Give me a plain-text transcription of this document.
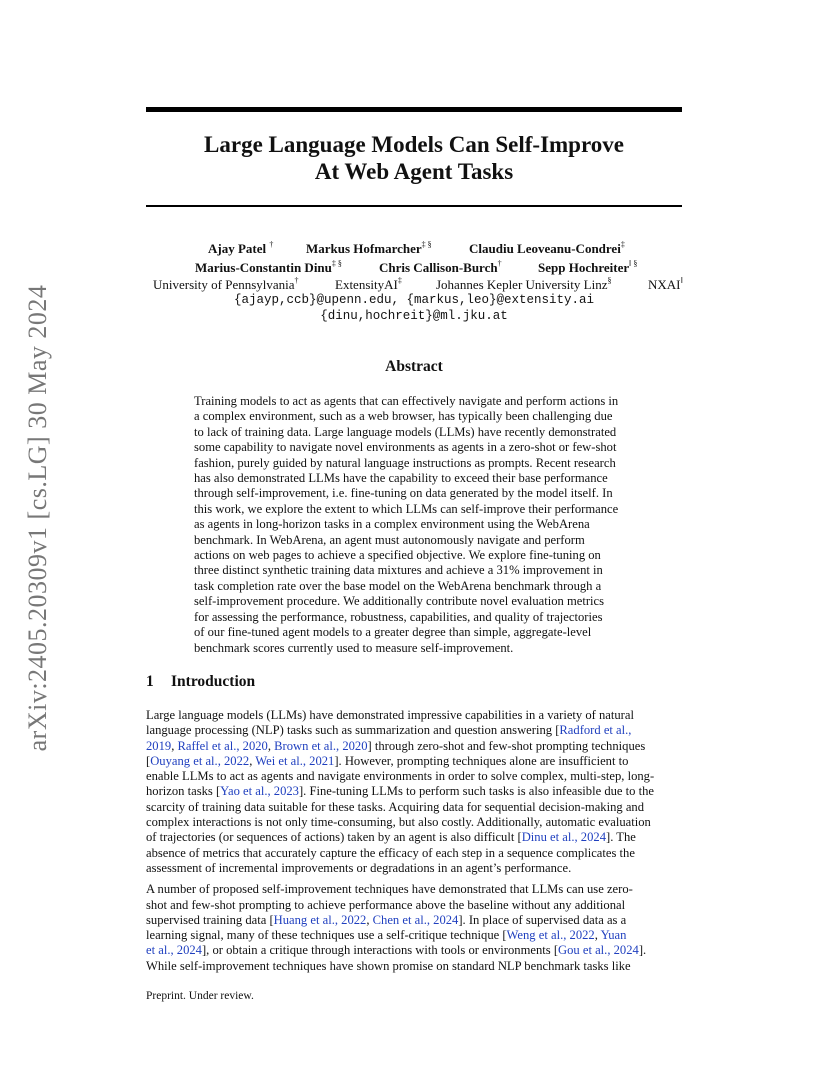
arXiv:2405.20309v1 [cs.LG] 30 May 2024
Large Language Models Can Self-Improve
At Web Agent Tasks
Ajay Patel †	Markus Hofmarcher‡ §	Claudiu Leoveanu-Condrei‡
Marius-Constantin Dinu‡ §	Chris Callison-Burch†	Sepp Hochreiter‖ §
University of Pennsylvania†	ExtensityAI‡	Johannes Kepler University Linz§	NXAI‖
{ajayp,ccb}@upenn.edu, {markus,leo}@extensity.ai
{dinu,hochreit}@ml.jku.at
Abstract
Training models to act as agents that can effectively navigate and perform actions in
a complex environment, such as a web browser, has typically been challenging due
to lack of training data. Large language models (LLMs) have recently demonstrated
some capability to navigate novel environments as agents in a zero-shot or few-shot
fashion, purely guided by natural language instructions as prompts. Recent research
has also demonstrated LLMs have the capability to exceed their base performance
through self-improvement, i.e. fine-tuning on data generated by the model itself. In
this work, we explore the extent to which LLMs can self-improve their performance
as agents in long-horizon tasks in a complex environment using the WebArena
benchmark. In WebArena, an agent must autonomously navigate and perform
actions on web pages to achieve a specified objective. We explore fine-tuning on
three distinct synthetic training data mixtures and achieve a 31% improvement in
task completion rate over the base model on the WebArena benchmark through a
self-improvement procedure. We additionally contribute novel evaluation metrics
for assessing the performance, robustness, capabilities, and quality of trajectories
of our fine-tuned agent models to a greater degree than simple, aggregate-level
benchmark scores currently used to measure self-improvement.
1 Introduction
Large language models (LLMs) have demonstrated impressive capabilities in a variety of natural
language processing (NLP) tasks such as summarization and question answering [Radford et al.,
2019, Raffel et al., 2020, Brown et al., 2020] through zero-shot and few-shot prompting techniques
[Ouyang et al., 2022, Wei et al., 2021]. However, prompting techniques alone are insufficient to
enable LLMs to act as agents and navigate environments in order to solve complex, multi-step, long-
horizon tasks [Yao et al., 2023]. Fine-tuning LLMs to perform such tasks is also infeasible due to the
scarcity of training data suitable for these tasks. Acquiring data for sequential decision-making and
complex interactions is not only time-consuming, but also costly. Additionally, automatic evaluation
of trajectories (or sequences of actions) taken by an agent is also difficult [Dinu et al., 2024]. The
absence of metrics that accurately capture the efficacy of each step in a sequence complicates the
assessment of incremental improvements or degradations in an agent’s performance.
A number of proposed self-improvement techniques have demonstrated that LLMs can use zero-
shot and few-shot prompting to achieve performance above the baseline without any additional
supervised training data [Huang et al., 2022, Chen et al., 2024]. In place of supervised data as a
learning signal, many of these techniques use a self-critique technique [Weng et al., 2022, Yuan
et al., 2024], or obtain a critique through interactions with tools or environments [Gou et al., 2024].
While self-improvement techniques have shown promise on standard NLP benchmark tasks like
Preprint. Under review.
